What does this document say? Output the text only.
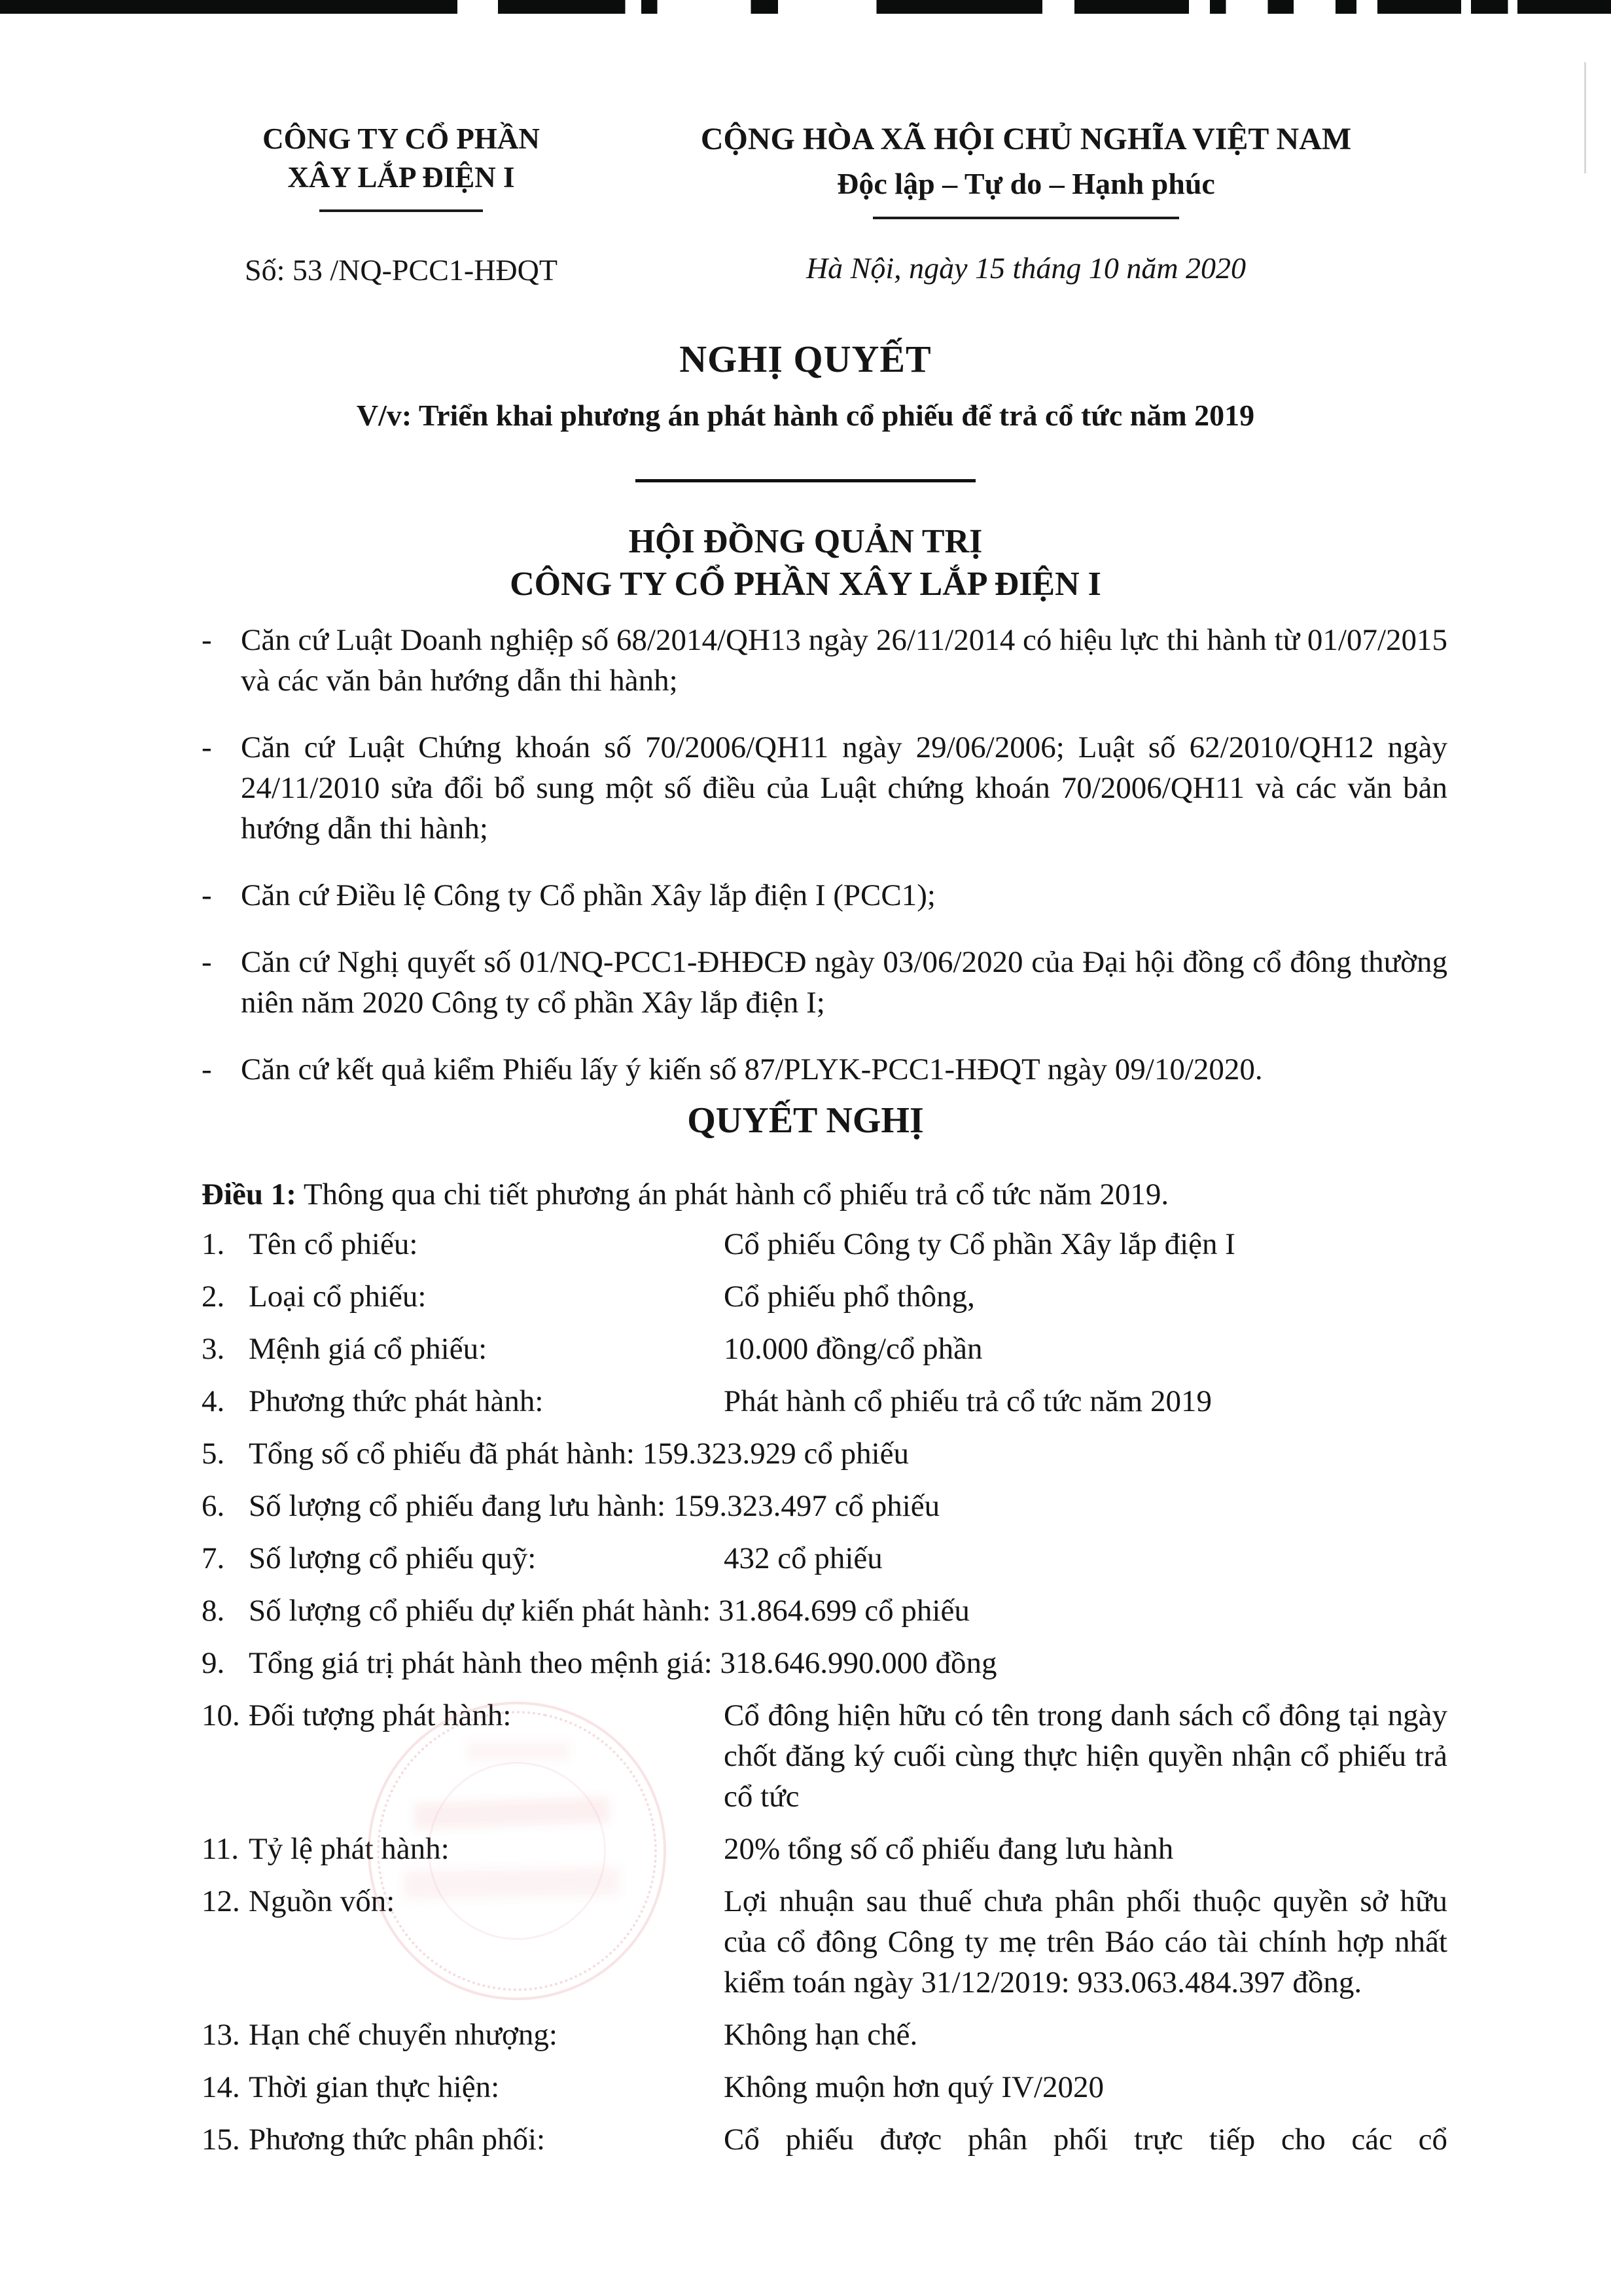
CÔNG TY CỔ PHẦN
XÂY LẮP ĐIỆN I
Số: 53 /NQ-PCC1-HĐQT
CỘNG HÒA XÃ HỘI CHỦ NGHĨA VIỆT NAM
Độc lập – Tự do – Hạnh phúc
Hà Nội, ngày 15 tháng 10 năm 2020
NGHỊ QUYẾT
V/v: Triển khai phương án phát hành cổ phiếu để trả cổ tức năm 2019
HỘI ĐỒNG QUẢN TRỊ
CÔNG TY CỔ PHẦN XÂY LẮP ĐIỆN I
- Căn cứ Luật Doanh nghiệp số 68/2014/QH13 ngày 26/11/2014 có hiệu lực thi hành từ 01/07/2015 và các văn bản hướng dẫn thi hành;
- Căn cứ Luật Chứng khoán số 70/2006/QH11 ngày 29/06/2006; Luật số 62/2010/QH12 ngày 24/11/2010 sửa đổi bổ sung một số điều của Luật chứng khoán 70/2006/QH11 và các văn bản hướng dẫn thi hành;
- Căn cứ Điều lệ Công ty Cổ phần Xây lắp điện I (PCC1);
- Căn cứ Nghị quyết số 01/NQ-PCC1-ĐHĐCĐ ngày 03/06/2020 của Đại hội đồng cổ đông thường niên năm 2020 Công ty cổ phần Xây lắp điện I;
- Căn cứ kết quả kiểm Phiếu lấy ý kiến số 87/PLYK-PCC1-HĐQT ngày 09/10/2020.
QUYẾT NGHỊ

Điều 1: Thông qua chi tiết phương án phát hành cổ phiếu trả cổ tức năm 2019.

1. Tên cổ phiếu:	Cổ phiếu Công ty Cổ phần Xây lắp điện I
2. Loại cổ phiếu:	Cổ phiếu phổ thông,
3. Mệnh giá cổ phiếu:	10.000 đồng/cổ phần
4. Phương thức phát hành:	Phát hành cổ phiếu trả cổ tức năm 2019
5. Tổng số cổ phiếu đã phát hành: 159.323.929 cổ phiếu

6. Số lượng cổ phiếu đang lưu hành: 159.323.497 cổ phiếu

7. Số lượng cổ phiếu quỹ:	432 cổ phiếu
8. Số lượng cổ phiếu dự kiến phát hành: 31.864.699 cổ phiếu

9. Tổng giá trị phát hành theo mệnh giá: 318.646.990.000 đồng

10. Đối tượng phát hành:	Cổ đông hiện hữu có tên trong danh sách cổ đông tại ngày chốt đăng ký cuối cùng thực hiện quyền nhận cổ phiếu trả cổ tức
11. Tỷ lệ phát hành:	20% tổng số cổ phiếu đang lưu hành
12. Nguồn vốn:	Lợi nhuận sau thuế chưa phân phối thuộc quyền sở hữu của cổ đông Công ty mẹ trên Báo cáo tài chính hợp nhất kiểm toán ngày 31/12/2019: 933.063.484.397 đồng.
13. Hạn chế chuyển nhượng:	Không hạn chế.
14. Thời gian thực hiện:	Không muộn hơn quý IV/2020
15. Phương thức phân phối:	Cổ phiếu được phân phối trực tiếp cho các cổ
